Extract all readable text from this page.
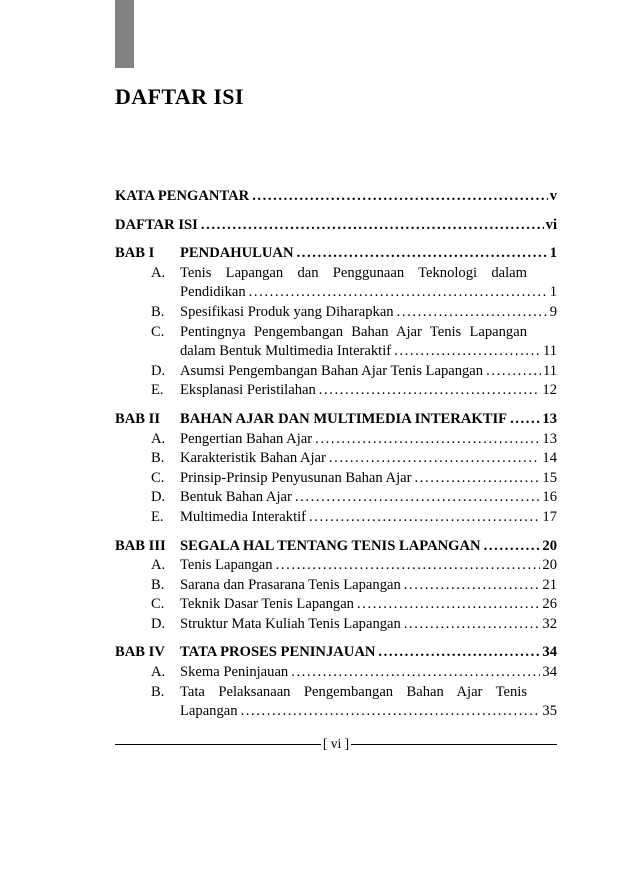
DAFTAR ISI
KATA PENGANTAR .....	v
DAFTAR ISI .....	vi
BAB I	PENDAHULUAN .....	1
A.	Tenis Lapangan dan Penggunaan Teknologi dalam
Pendidikan .....	1
B.	Spesifikasi Produk yang Diharapkan .....	9
C.	Pentingnya Pengembangan Bahan Ajar Tenis Lapangan
dalam Bentuk Multimedia Interaktif .....	11
D.	Asumsi Pengembangan Bahan Ajar Tenis Lapangan .....	11
E.	Eksplanasi Peristilahan .....	12
BAB II	BAHAN AJAR DAN MULTIMEDIA INTERAKTIF ..... 13
A.	Pengertian Bahan Ajar .....	13
B.	Karakteristik Bahan Ajar .....	14
C.	Prinsip-Prinsip Penyusunan Bahan Ajar .....	15
D.	Bentuk Bahan Ajar .....	16
E.	Multimedia Interaktif .....	17
BAB III SEGALA HAL TENTANG TENIS LAPANGAN .....	20
A.	Tenis Lapangan .....	20
B.	Sarana dan Prasarana Tenis Lapangan .....	21
C.	Teknik Dasar Tenis Lapangan .....	26
D.	Struktur Mata Kuliah Tenis Lapangan .....	32
BAB IV	TATA PROSES PENINJAUAN .....	34
A.	Skema Peninjauan .....	34
B.	Tata Pelaksanaan Pengembangan Bahan Ajar Tenis
Lapangan .....	35
[ vi ]
